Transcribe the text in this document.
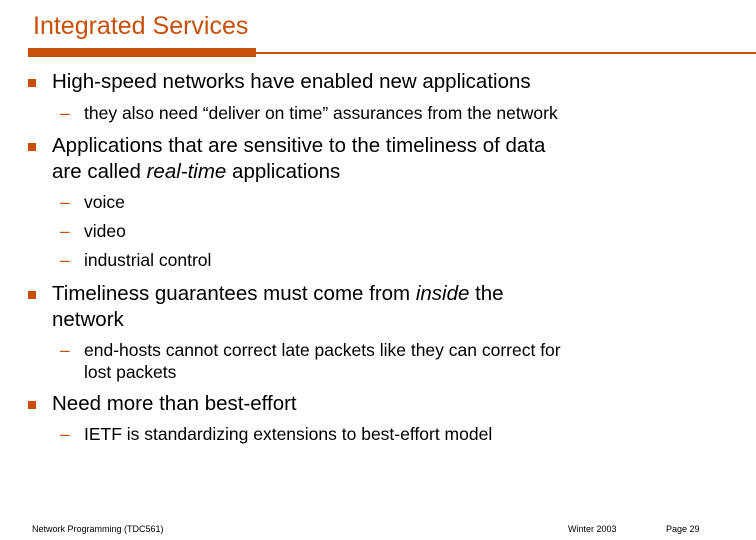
Integrated Services
High-speed networks have enabled new applications
– they also need “deliver on time” assurances from the network
Applications that are sensitive to the timeliness of data
are called real-time applications
– voice
– video
– industrial control
Timeliness guarantees must come from inside the
network
– end-hosts cannot correct late packets like they can correct for
lost packets
Need more than best-effort
– IETF is standardizing extensions to best-effort model
Network Programming (TDC561)	Winter 2003	Page 29
